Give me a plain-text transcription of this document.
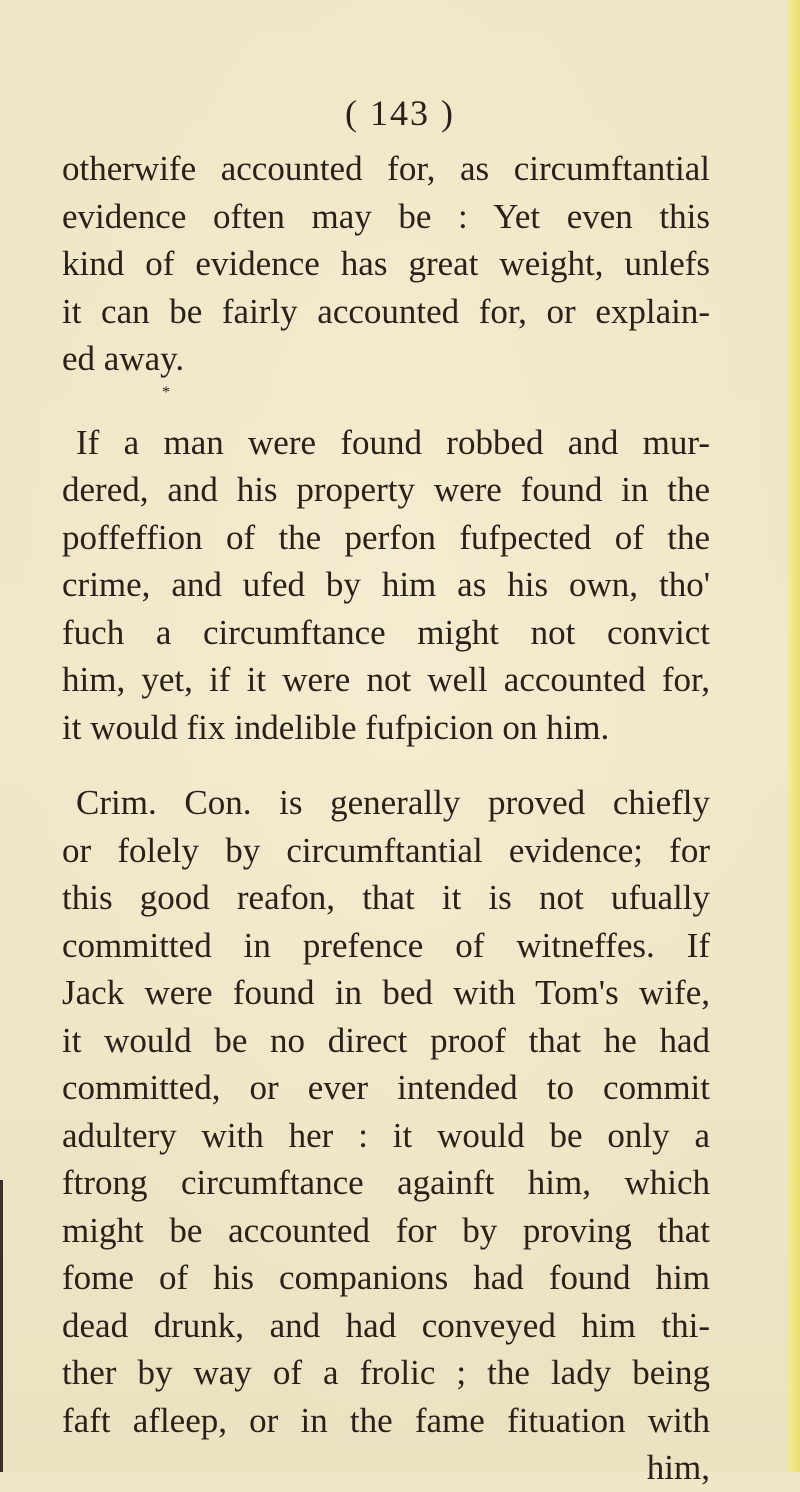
( 143 )
otherwife accounted for, as circumftantial
evidence often may be : Yet even this
kind of evidence has great weight, unlefs
it can be fairly accounted for, or explain-
ed away.
*
If a man were found robbed and mur-
dered, and his property were found in the
poffeffion of the perfon fufpected of the
crime, and ufed by him as his own, tho'
fuch a circumftance might not convict
him, yet, if it were not well accounted for,
it would fix indelible fufpicion on him.
Crim. Con. is generally proved chiefly
or folely by circumftantial evidence; for
this good reafon, that it is not ufually
committed in prefence of witneffes. If
Jack were found in bed with Tom's wife,
it would be no direct proof that he had
committed, or ever intended to commit
adultery with her : it would be only a
ftrong circumftance againft him, which
might be accounted for by proving that
fome of his companions had found him
dead drunk, and had conveyed him thi-
ther by way of a frolic ; the lady being
faft afleep, or in the fame fituation with
him,
